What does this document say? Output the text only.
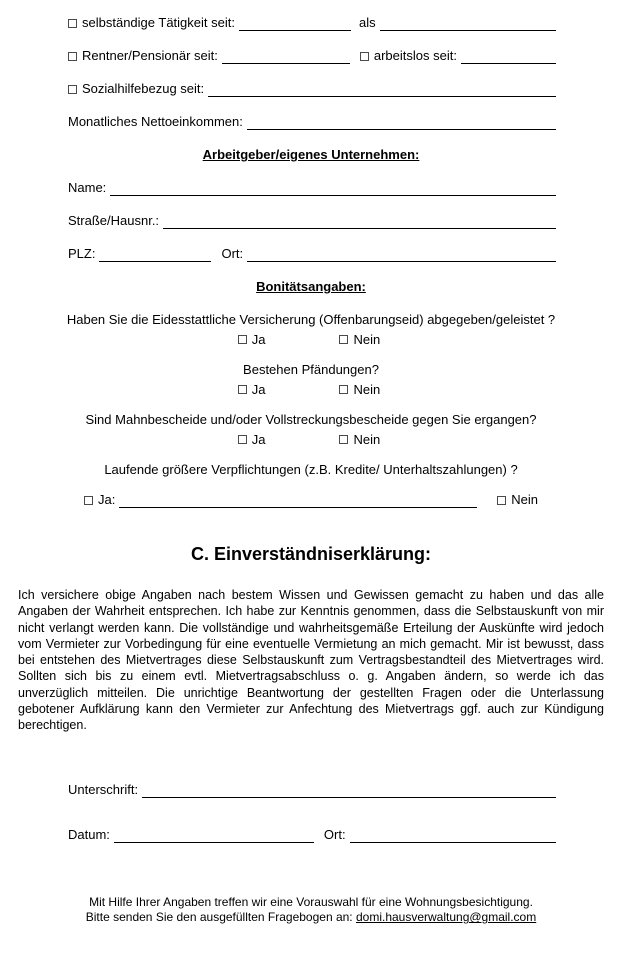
selbständige Tätigkeit seit:	als
Rentner/Pensionär seit:	arbeitslos seit:
Sozialhilfebezug seit:
Monatliches Nettoeinkommen:
Arbeitgeber/eigenes Unternehmen:
Name:
Straße/Hausnr.:
PLZ:	Ort:
Bonitätsangaben:
Haben Sie die Eidesstattliche Versicherung (Offenbarungseid) abgegeben/geleistet ?
Ja	Nein
Bestehen Pfändungen?
Ja	Nein
Sind Mahnbescheide und/oder Vollstreckungsbescheide gegen Sie ergangen?
Ja	Nein
Laufende größere Verpflichtungen (z.B. Kredite/ Unterhaltszahlungen) ?
Ja:	Nein
C. Einverständniserklärung:

Ich versichere obige Angaben nach bestem Wissen und Gewissen gemacht zu haben und das alle Angaben der Wahrheit entsprechen. Ich habe zur Kenntnis genommen, dass die Selbstauskunft von mir nicht verlangt werden kann. Die vollständige und wahrheitsgemäße Erteilung der Auskünfte wird jedoch vom Vermieter zur Vorbedingung für eine eventuelle Vermietung an mich gemacht. Mir ist bewusst, dass bei entstehen des Mietvertrages diese Selbstauskunft zum Vertragsbestandteil des Mietvertrages wird. Sollten sich bis zu einem evtl. Mietvertragsabschluss o. g. Angaben ändern, so werde ich das unverzüglich mitteilen. Die unrichtige Beantwortung der gestellten Fragen oder die Unterlassung gebotener Aufklärung kann den Vermieter zur Anfechtung des Mietvertrags ggf. auch zur Kündigung berechtigen.

Unterschrift:
Datum:	Ort:
Mit Hilfe Ihrer Angaben treffen wir eine Vorauswahl für eine Wohnungsbesichtigung.
Bitte senden Sie den ausgefüllten Fragebogen an: domi.hausverwaltung@gmail.com
